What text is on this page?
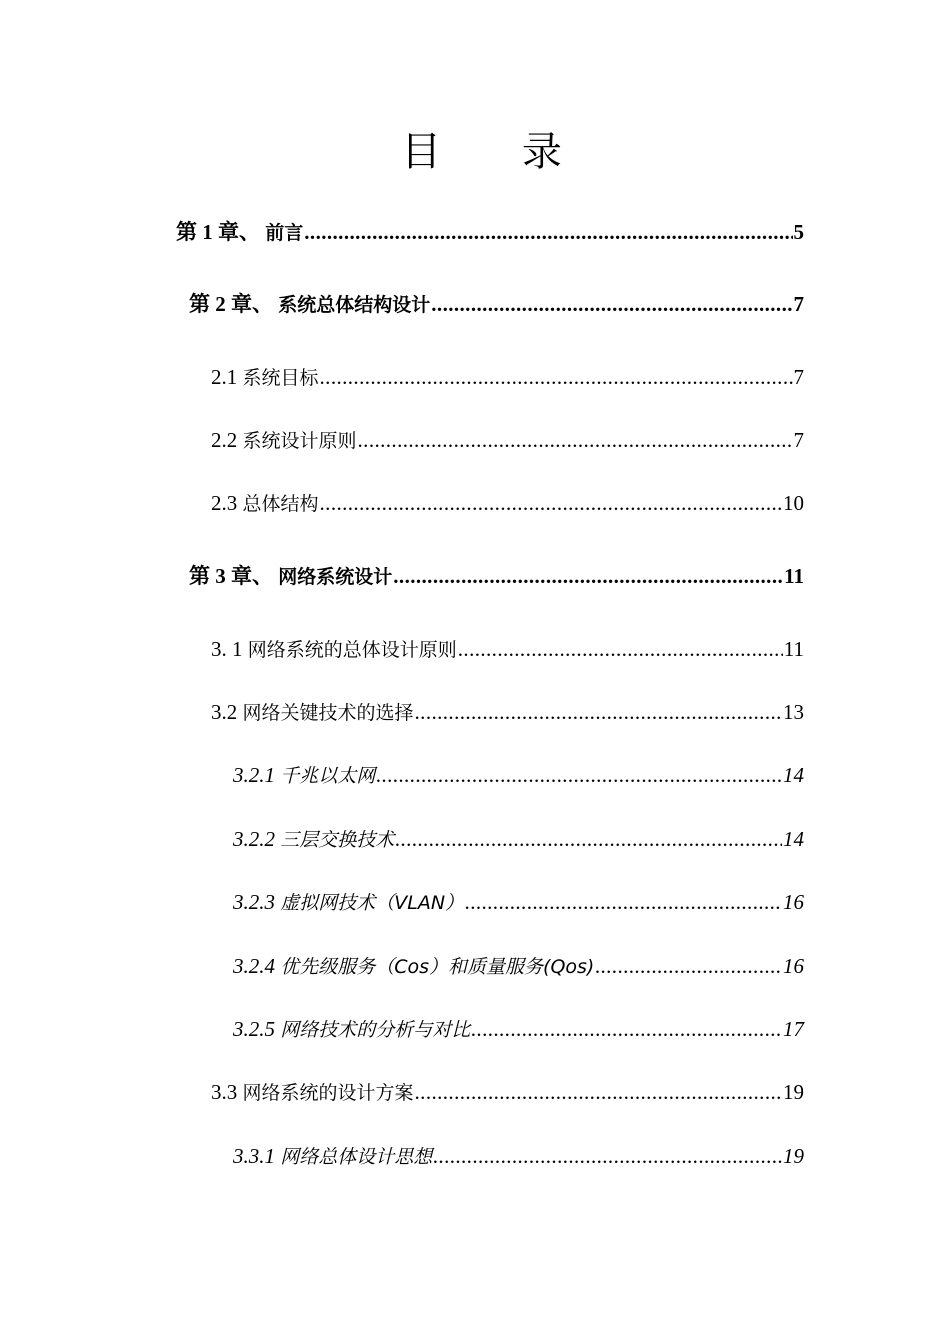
目 录
第 1 章、 前言 .....	5
第 2 章、 系统总体结构设计 .....	7
2.1 系统目标 .....	7
2.2 系统设计原则 .....	7
2.3 总体结构 .....	10
第 3 章、 网络系统设计 .....	11
3. 1 网络系统的总体设计原则 .....	11
3.2 网络关键技术的选择 .....	13
3.2.1 千兆以太网 .....	14
3.2.2 三层交换技术 .....	14
3.2.3 虚拟网技术（VLAN） .....	16
3.2.4 优先级服务（Cos）和质量服务(Qos) .....	16
3.2.5 网络技术的分析与对比 .....	17
3.3 网络系统的设计方案 .....	19
3.3.1 网络总体设计思想 .....	19
